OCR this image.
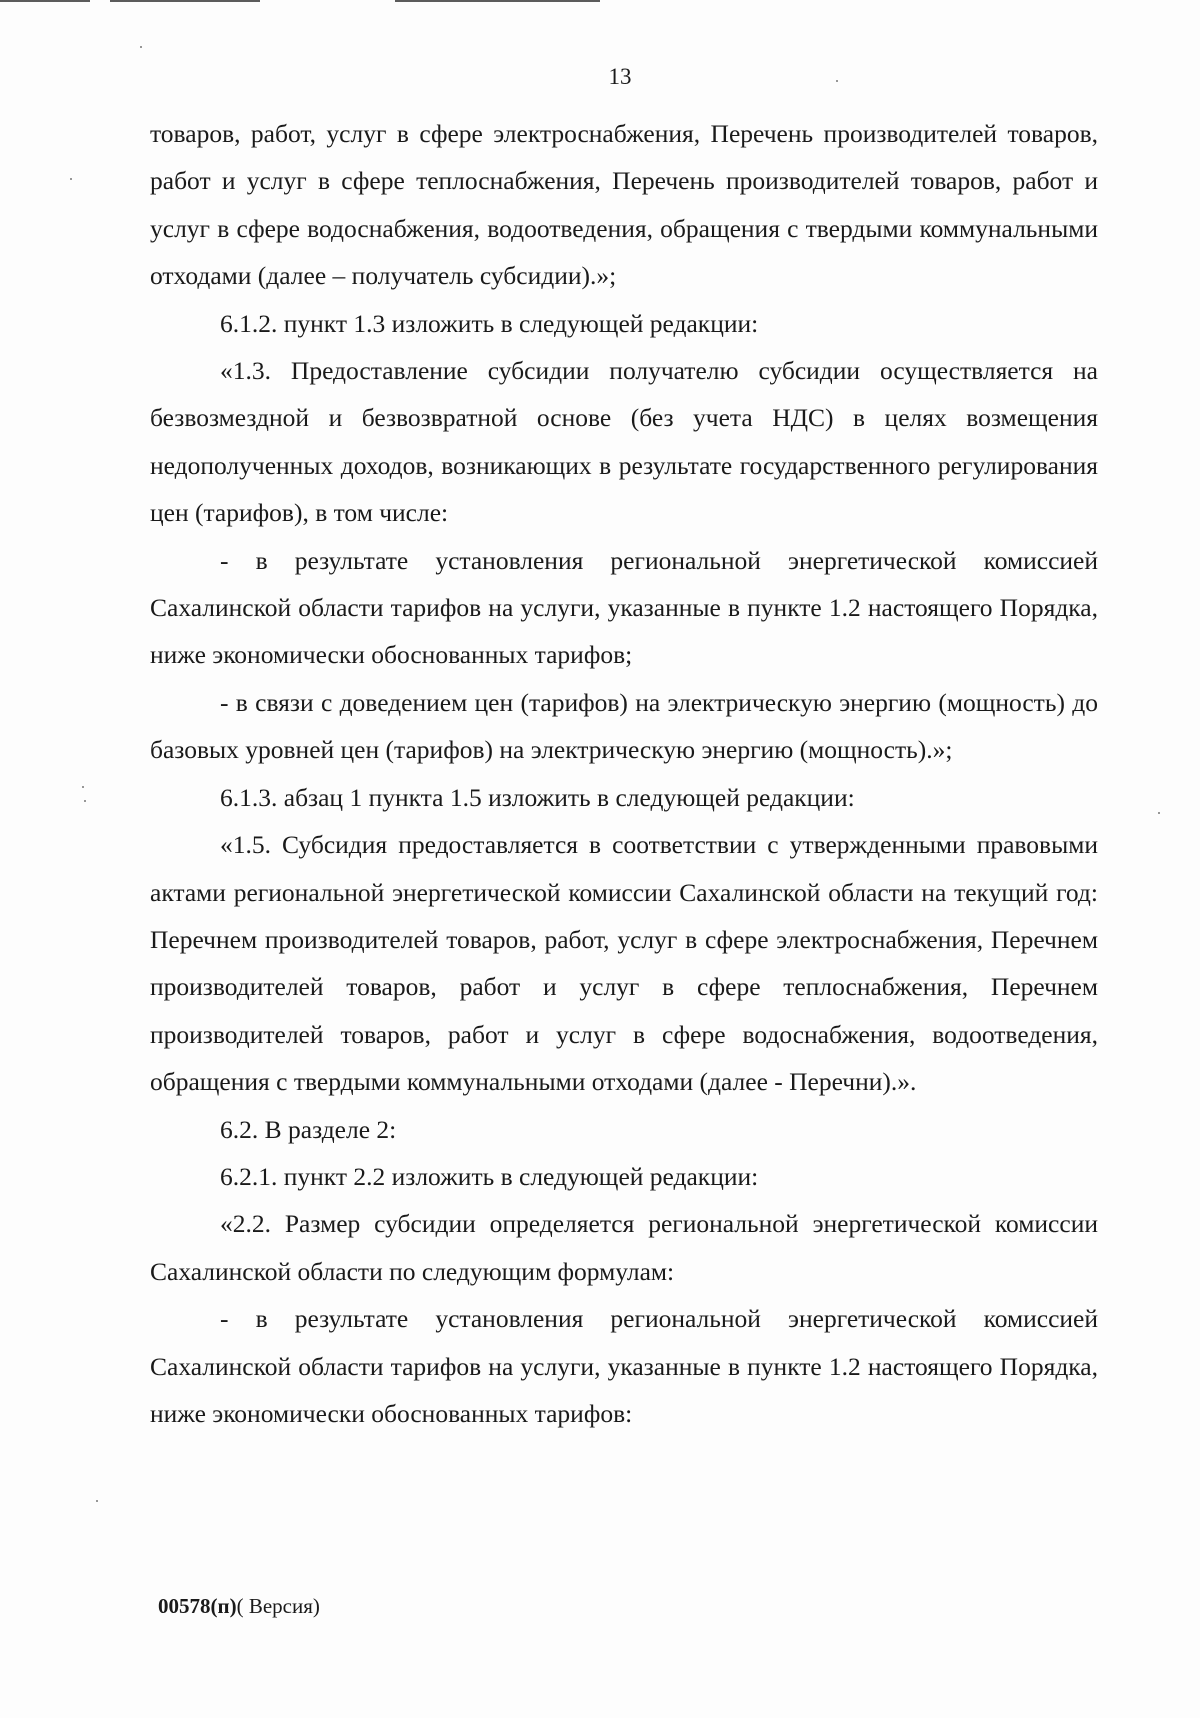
13

товаров, работ, услуг в сфере электроснабжения, Перечень производителей товаров, работ и услуг в сфере теплоснабжения, Перечень производителей товаров, работ и услуг в сфере водоснабжения, водоотведения, обращения с твердыми коммунальными отходами (далее – получатель субсидии).»;

6.1.2. пункт 1.3 изложить в следующей редакции:

«1.3. Предоставление субсидии получателю субсидии осуществляется на безвозмездной и безвозвратной основе (без учета НДС) в целях возмещения недополученных доходов, возникающих в результате государственного регулирования цен (тарифов), в том числе:

- в результате установления региональной энергетической комиссией Сахалинской области тарифов на услуги, указанные в пункте 1.2 настоящего Порядка, ниже экономически обоснованных тарифов;

- в связи с доведением цен (тарифов) на электрическую энергию (мощность) до базовых уровней цен (тарифов) на электрическую энергию (мощность).»;

6.1.3. абзац 1 пункта 1.5 изложить в следующей редакции:

«1.5. Субсидия предоставляется в соответствии с утвержденными правовыми актами региональной энергетической комиссии Сахалинской области на текущий год: Перечнем производителей товаров, работ, услуг в сфере электроснабжения, Перечнем производителей товаров, работ и услуг в сфере теплоснабжения, Перечнем производителей товаров, работ и услуг в сфере водоснабжения, водоотведения, обращения с твердыми коммунальными отходами (далее - Перечни).».

6.2. В разделе 2:

6.2.1. пункт 2.2 изложить в следующей редакции:

«2.2. Размер субсидии определяется региональной энергетической комиссии Сахалинской области по следующим формулам:

- в результате установления региональной энергетической комиссией Сахалинской области тарифов на услуги, указанные в пункте 1.2 настоящего Порядка, ниже экономически обоснованных тарифов:

00578(п)( Версия)
